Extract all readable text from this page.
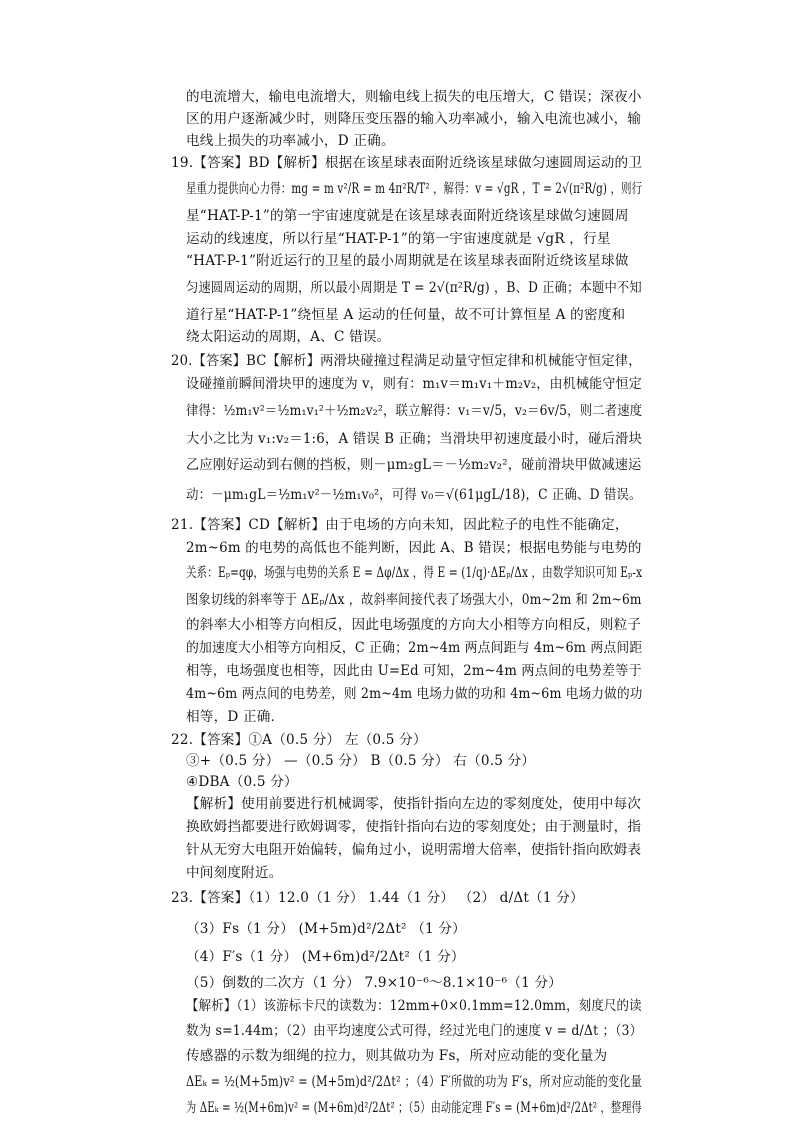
的电流增大，输电电流增大，则输电线上损失的电压增大，C 错误；深夜小
区的用户逐渐减少时，则降压变压器的输入功率减小，输入电流也减小，输
电线上损失的功率减小，D 正确。
19.【答案】BD【解析】根据在该星球表面附近绕该星球做匀速圆周运动的卫
星重力提供向心力得：mg = m v²/R = m 4π²R/T² ，解得：v = √gR ，T = 2√(π²R/g) ，则行
星“HAT-P-1”的第一宇宙速度就是在该星球表面附近绕该星球做匀速圆周
运动的线速度，所以行星“HAT-P-1”的第一宇宙速度就是 √gR ，行星
“HAT-P-1”附近运行的卫星的最小周期就是在该星球表面附近绕该星球做
匀速圆周运动的周期，所以最小周期是 T = 2√(π²R/g) ，B、D 正确；本题中不知
道行星“HAT-P-1”绕恒星 A 运动的任何量，故不可计算恒星 A 的密度和
绕太阳运动的周期，A、C 错误。
20.【答案】BC【解析】两滑块碰撞过程满足动量守恒定律和机械能守恒定律，
设碰撞前瞬间滑块甲的速度为 v，则有：m₁v＝m₁v₁＋m₂v₂，由机械能守恒定
律得：½m₁v²＝½m₁v₁²＋½m₂v₂²，联立解得：v₁＝v/5，v₂＝6v/5，则二者速度
大小之比为 v₁:v₂＝1:6，A 错误 B 正确；当滑块甲初速度最小时，碰后滑块
乙应刚好运动到右侧的挡板，则－μm₂gL＝－½m₂v₂²，碰前滑块甲做减速运
动：－μm₁gL＝½m₁v²－½m₁v₀²，可得 v₀＝√(61μgL/18)，C 正确、D 错误。
21.【答案】CD【解析】由于电场的方向未知，因此粒子的电性不能确定，
2m~6m 的电势的高低也不能判断，因此 A、B 错误；根据电势能与电势的
关系：Eₚ=qφ，场强与电势的关系 E = Δφ/Δx ，得 E = (1/q)·ΔEₚ/Δx ，由数学知识可知 Eₚ-x
图象切线的斜率等于 ΔEₚ/Δx ，故斜率间接代表了场强大小，0m~2m 和 2m~6m
的斜率大小相等方向相反，因此电场强度的方向大小相等方向相反，则粒子
的加速度大小相等方向相反，C 正确；2m~4m 两点间距与 4m~6m 两点间距
相等，电场强度也相等，因此由 U=Ed 可知，2m~4m 两点间的电势差等于
4m~6m 两点间的电势差，则 2m~4m 电场力做的功和 4m~6m 电场力做的功
相等，D 正确．
22.【答案】①A（0.5 分） 左（0.5 分）
③+（0.5 分） —（0.5 分） B（0.5 分） 右（0.5 分）
④DBA（0.5 分）
【解析】使用前要进行机械调零，使指针指向左边的零刻度处，使用中每次
换欧姆挡都要进行欧姆调零，使指针指向右边的零刻度处；由于测量时，指
针从无穷大电阻开始偏转，偏角过小，说明需增大倍率，使指针指向欧姆表
中间刻度附近。
23.【答案】（1）12.0（1 分） 1.44（1 分） （2） d/Δt（1 分）
（3）Fs（1 分） (M+5m)d²/2Δt² （1 分）
（4）F′s（1 分） (M+6m)d²/2Δt²（1 分）
（5）倒数的二次方（1 分） 7.9×10⁻⁶～8.1×10⁻⁶（1 分）
【解析】（1）该游标卡尺的读数为：12mm+0×0.1mm=12.0mm，刻度尺的读
数为 s=1.44m；（2）由平均速度公式可得，经过光电门的速度 v = d/Δt ；（3）
传感器的示数为细绳的拉力，则其做功为 Fs，所对应动能的变化量为
ΔEₖ = ½(M+5m)v² = (M+5m)d²/2Δt² ；（4）F′所做的功为 F′s，所对应动能的变化量
为 ΔEₖ = ½(M+6m)v² = (M+6m)d²/2Δt² ；（5）由动能定理 F′s = (M+6m)d²/2Δt² ，整理得
